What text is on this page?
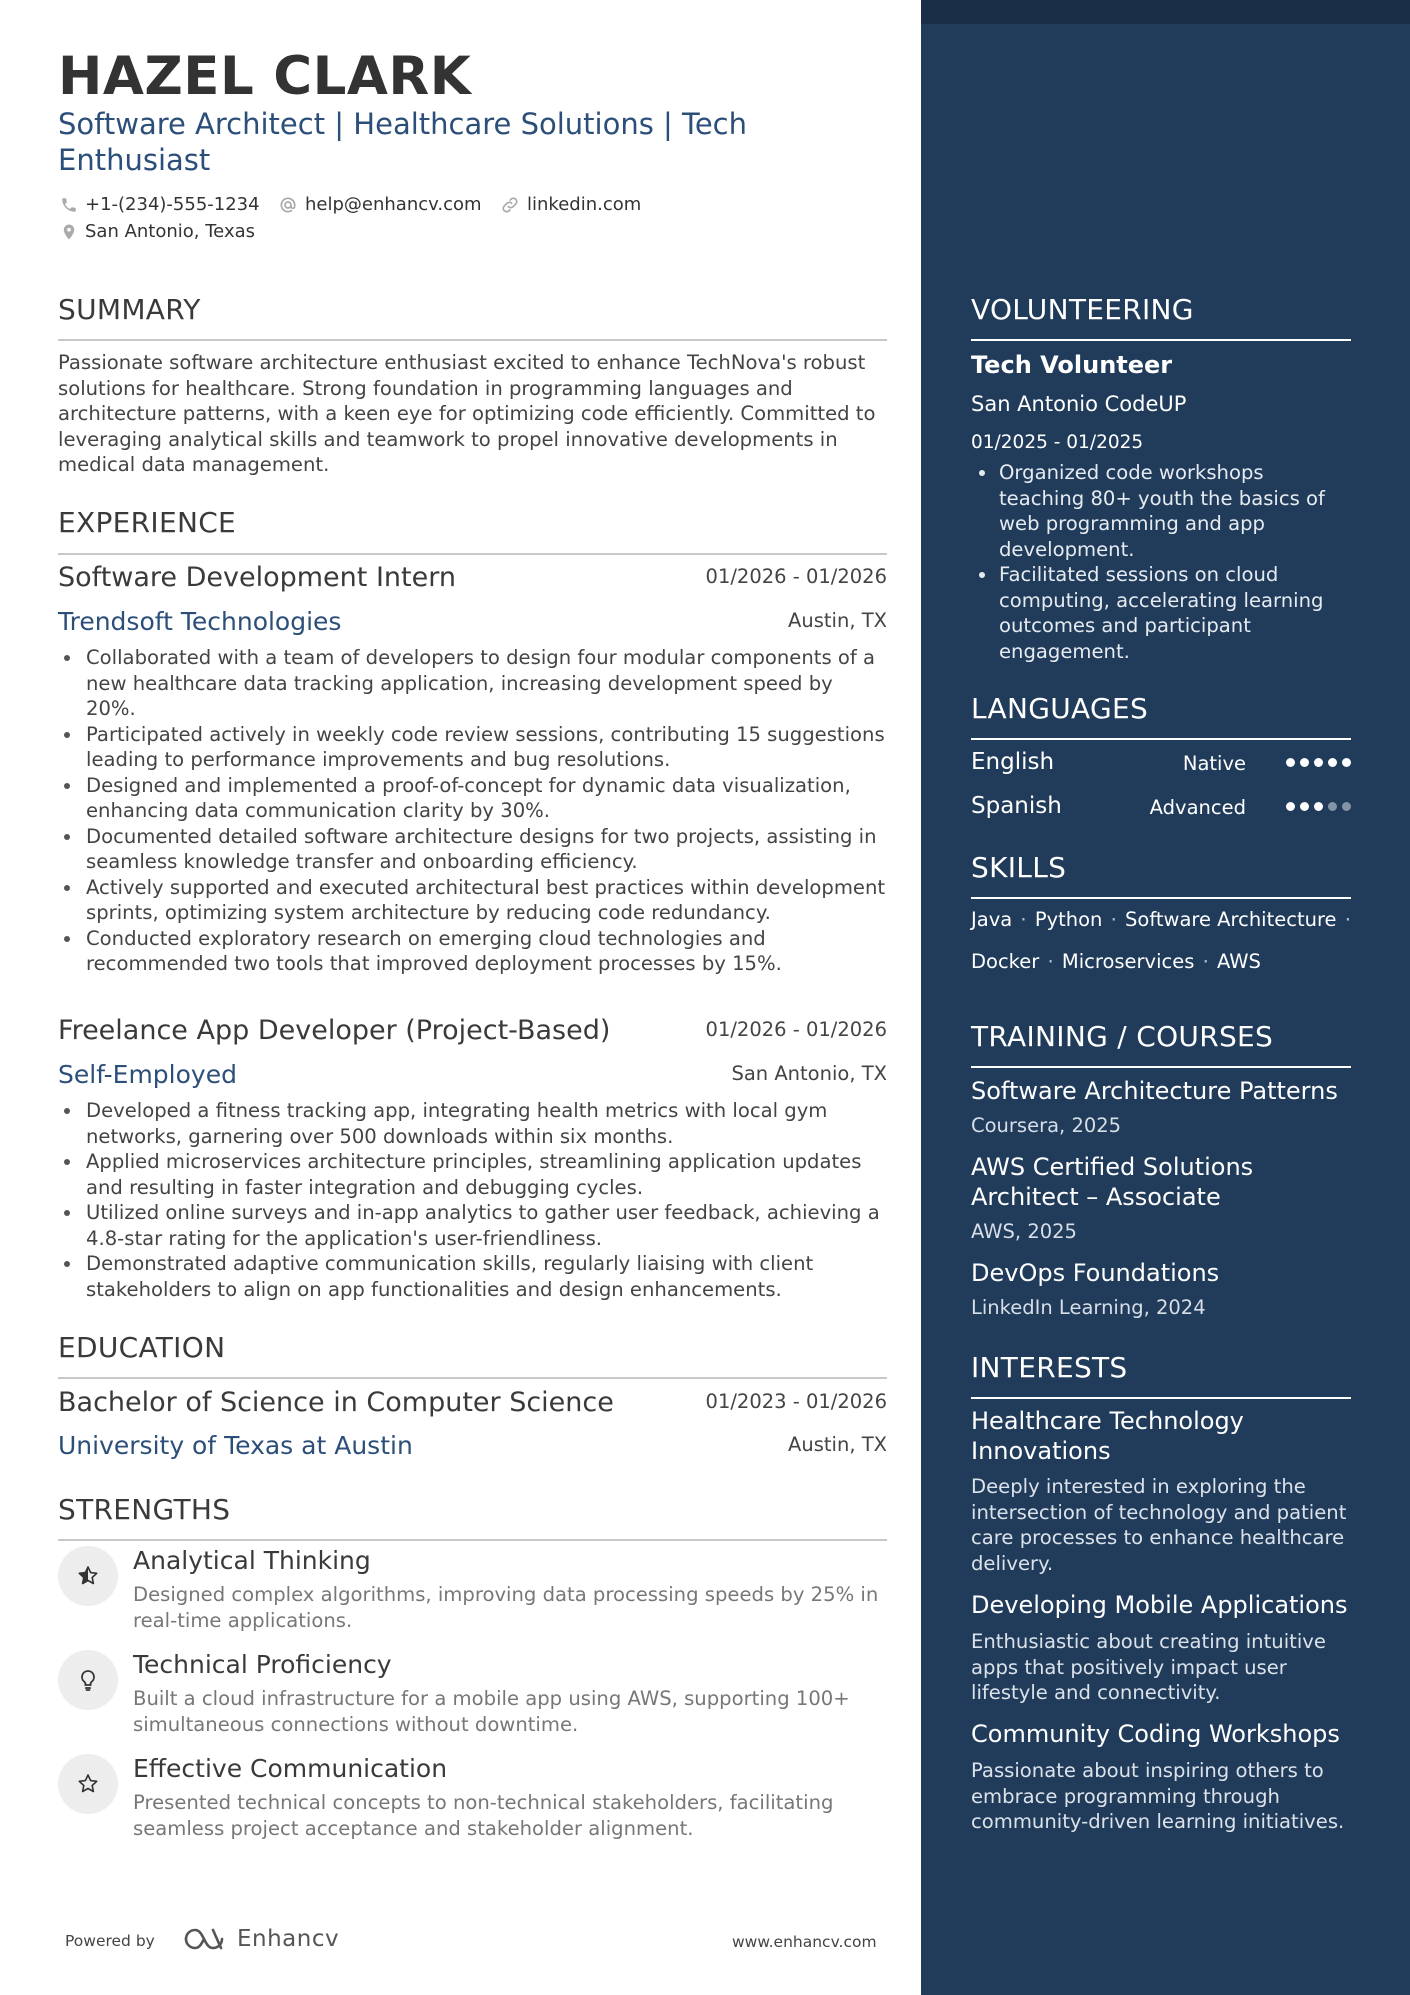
HAZEL CLARK
Software Architect | Healthcare Solutions | Tech Enthusiast
+1-(234)-555-1234	help@enhancv.com	linkedin.com
San Antonio, Texas
SUMMARY
Passionate software architecture enthusiast excited to enhance TechNova's robust solutions for healthcare. Strong foundation in programming languages and architecture patterns, with a keen eye for optimizing code efficiently. Committed to leveraging analytical skills and teamwork to propel innovative developments in medical data management.
EXPERIENCE
Software Development Intern	01/2026 - 01/2026
Trendsoft Technologies	Austin, TX
Collaborated with a team of developers to design four modular components of a new healthcare data tracking application, increasing development speed by 20%.
Participated actively in weekly code review sessions, contributing 15 suggestions leading to performance improvements and bug resolutions.
Designed and implemented a proof-of-concept for dynamic data visualization, enhancing data communication clarity by 30%.
Documented detailed software architecture designs for two projects, assisting in seamless knowledge transfer and onboarding efficiency.
Actively supported and executed architectural best practices within development sprints, optimizing system architecture by reducing code redundancy.
Conducted exploratory research on emerging cloud technologies and recommended two tools that improved deployment processes by 15%.
Freelance App Developer (Project-Based)	01/2026 - 01/2026
Self-Employed	San Antonio, TX
Developed a fitness tracking app, integrating health metrics with local gym networks, garnering over 500 downloads within six months.
Applied microservices architecture principles, streamlining application updates and resulting in faster integration and debugging cycles.
Utilized online surveys and in-app analytics to gather user feedback, achieving a 4.8-star rating for the application's user-friendliness.
Demonstrated adaptive communication skills, regularly liaising with client stakeholders to align on app functionalities and design enhancements.
EDUCATION
Bachelor of Science in Computer Science	01/2023 - 01/2026
University of Texas at Austin	Austin, TX
STRENGTHS
Analytical Thinking
Designed complex algorithms, improving data processing speeds by 25% in real-time applications.
Technical Proficiency
Built a cloud infrastructure for a mobile app using AWS, supporting 100+ simultaneous connections without downtime.
Effective Communication
Presented technical concepts to non-technical stakeholders, facilitating seamless project acceptance and stakeholder alignment.
Powered by	Enhancv	www.enhancv.com
VOLUNTEERING
Tech Volunteer
San Antonio CodeUP
01/2025 - 01/2025
Organized code workshops teaching 80+ youth the basics of web programming and app development.
Facilitated sessions on cloud computing, accelerating learning outcomes and participant engagement.
LANGUAGES
English	Native
Spanish	Advanced
SKILLS
Java · Python · Software Architecture · Docker · Microservices · AWS
TRAINING / COURSES
Software Architecture Patterns
Coursera, 2025
AWS Certified Solutions Architect – Associate
AWS, 2025
DevOps Foundations
LinkedIn Learning, 2024
INTERESTS
Healthcare Technology Innovations
Deeply interested in exploring the intersection of technology and patient care processes to enhance healthcare delivery.
Developing Mobile Applications
Enthusiastic about creating intuitive apps that positively impact user lifestyle and connectivity.
Community Coding Workshops
Passionate about inspiring others to embrace programming through community-driven learning initiatives.
